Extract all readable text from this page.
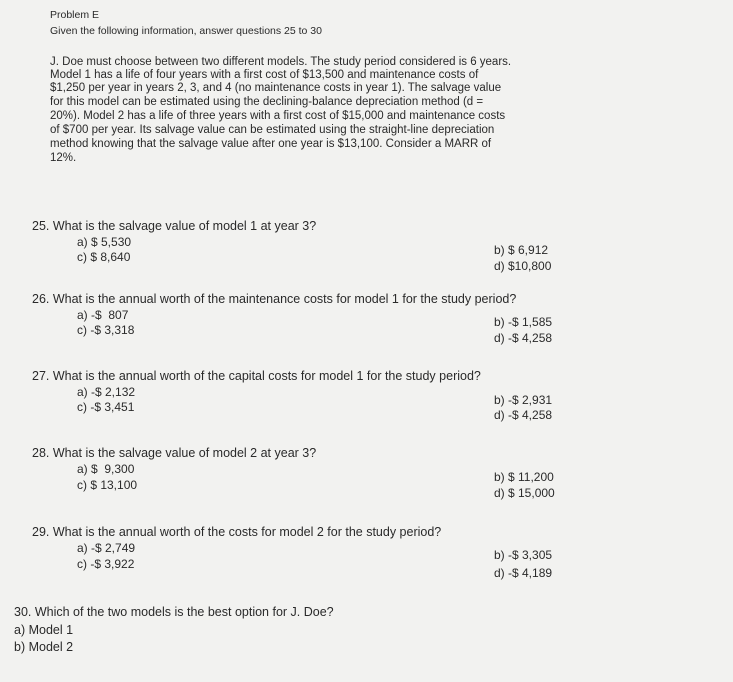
Problem E
Given the following information, answer questions 25 to 30
J. Doe must choose between two different models. The study period considered is 6 years.
Model 1 has a life of four years with a first cost of $13,500 and maintenance costs of
$1,250 per year in years 2, 3, and 4 (no maintenance costs in year 1). The salvage value
for this model can be estimated using the declining-balance depreciation method (d =
20%). Model 2 has a life of three years with a first cost of $15,000 and maintenance costs
of $700 per year. Its salvage value can be estimated using the straight-line depreciation
method knowing that the salvage value after one year is $13,100. Consider a MARR of
12%.
25. What is the salvage value of model 1 at year 3?
a) $ 5,530
b) $ 6,912
c) $ 8,640
d) $10,800
26. What is the annual worth of the maintenance costs for model 1 for the study period?
a) -$  807	b) -$ 1,585
c) -$ 3,318
d) -$ 4,258
27. What is the annual worth of the capital costs for model 1 for the study period?
a) -$ 2,132
b) -$ 2,931
c) -$ 3,451
d) -$ 4,258
28. What is the salvage value of model 2 at year 3?
a) $  9,300
b) $ 11,200
c) $ 13,100
d) $ 15,000
29. What is the annual worth of the costs for model 2 for the study period?
a) -$ 2,749	b) -$ 3,305
c) -$ 3,922
d) -$ 4,189
30. Which of the two models is the best option for J. Doe?
a) Model 1
b) Model 2
